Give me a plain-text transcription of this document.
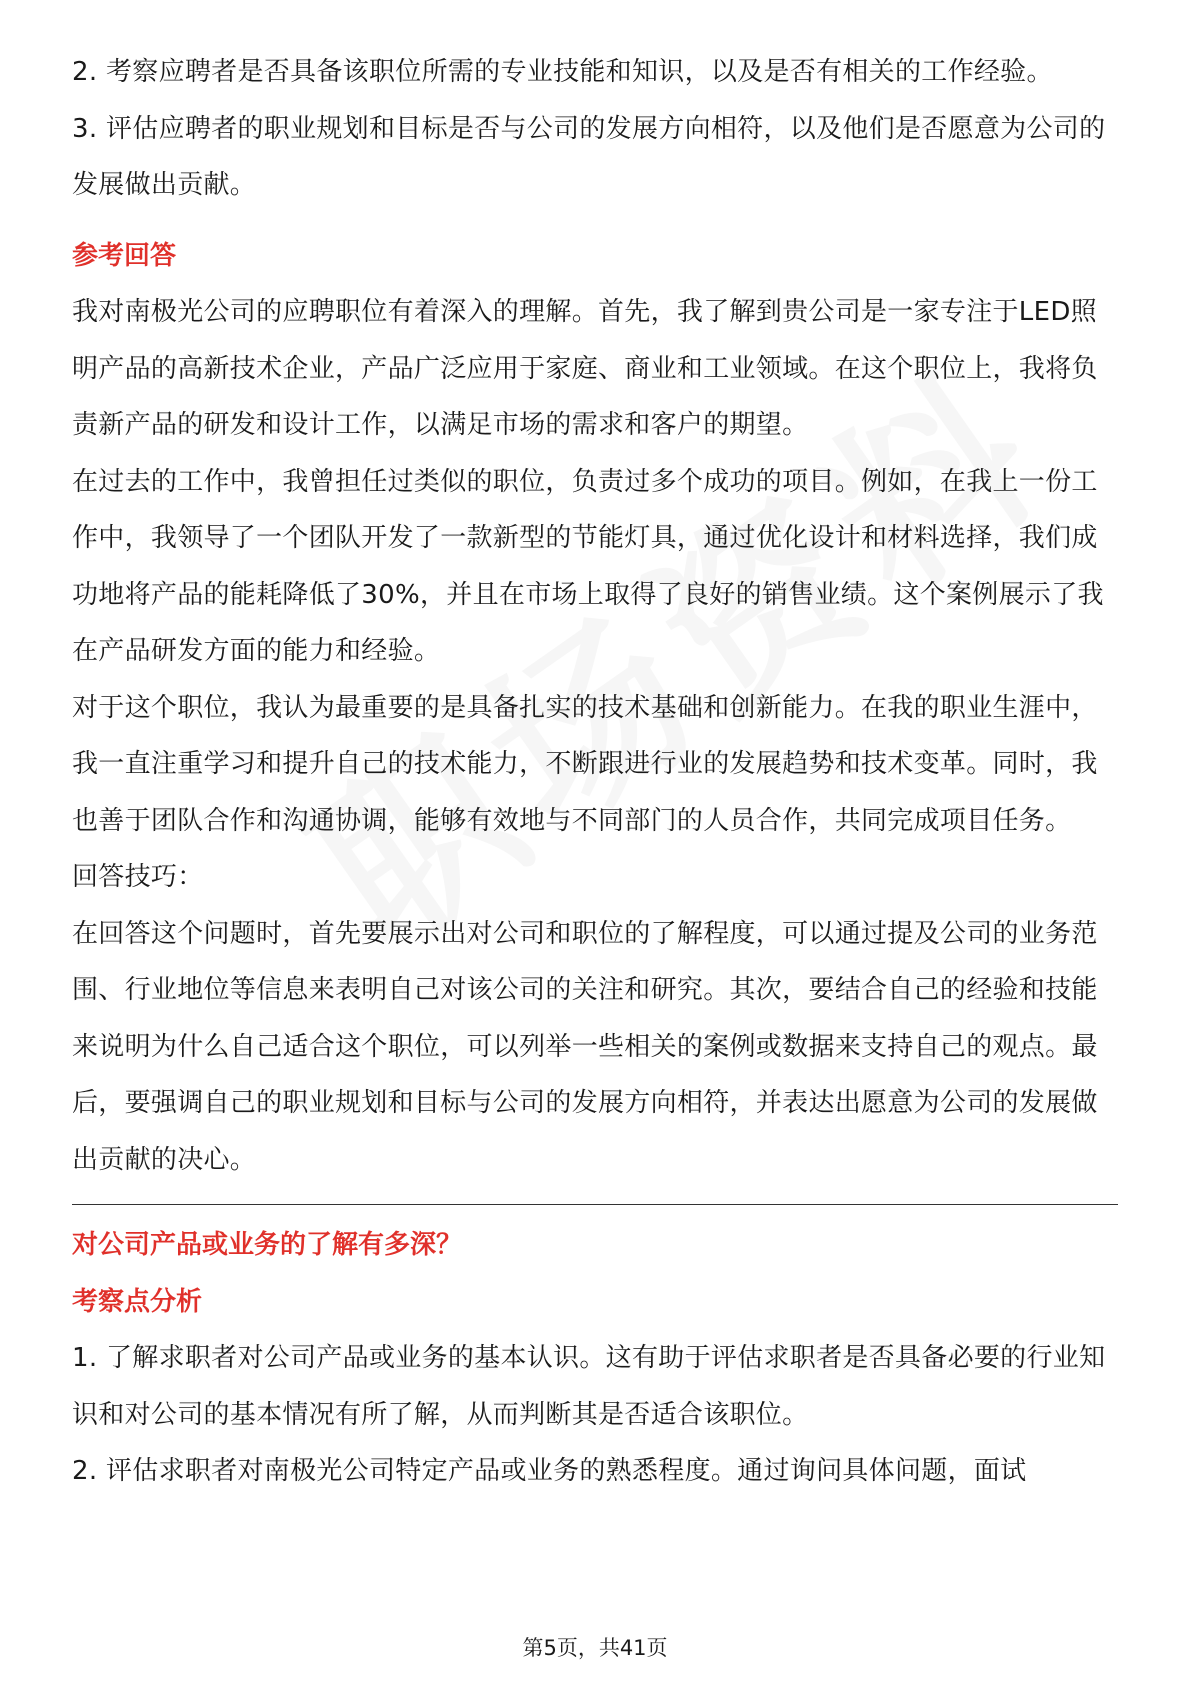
2. 考察应聘者是否具备该职位所需的专业技能和知识，以及是否有相关的工作经验。

3. 评估应聘者的职业规划和目标是否与公司的发展方向相符，以及他们是否愿意为公司的发展做出贡献。

参考回答

我对南极光公司的应聘职位有着深入的理解。首先，我了解到贵公司是一家专注于LED照明产品的高新技术企业，产品广泛应用于家庭、商业和工业领域。在这个职位上，我将负责新产品的研发和设计工作，以满足市场的需求和客户的期望。

在过去的工作中，我曾担任过类似的职位，负责过多个成功的项目。例如，在我上一份工作中，我领导了一个团队开发了一款新型的节能灯具，通过优化设计和材料选择，我们成功地将产品的能耗降低了30%，并且在市场上取得了良好的销售业绩。这个案例展示了我在产品研发方面的能力和经验。

对于这个职位，我认为最重要的是具备扎实的技术基础和创新能力。在我的职业生涯中，我一直注重学习和提升自己的技术能力，不断跟进行业的发展趋势和技术变革。同时，我也善于团队合作和沟通协调，能够有效地与不同部门的人员合作，共同完成项目任务。

回答技巧：

在回答这个问题时，首先要展示出对公司和职位的了解程度，可以通过提及公司的业务范围、行业地位等信息来表明自己对该公司的关注和研究。其次，要结合自己的经验和技能来说明为什么自己适合这个职位，可以列举一些相关的案例或数据来支持自己的观点。最后，要强调自己的职业规划和目标与公司的发展方向相符，并表达出愿意为公司的发展做出贡献的决心。

对公司产品或业务的了解有多深？

考察点分析

1. 了解求职者对公司产品或业务的基本认识。这有助于评估求职者是否具备必要的行业知识和对公司的基本情况有所了解，从而判断其是否适合该职位。

2. 评估求职者对南极光公司特定产品或业务的熟悉程度。通过询问具体问题，面试

第5页，共41页
